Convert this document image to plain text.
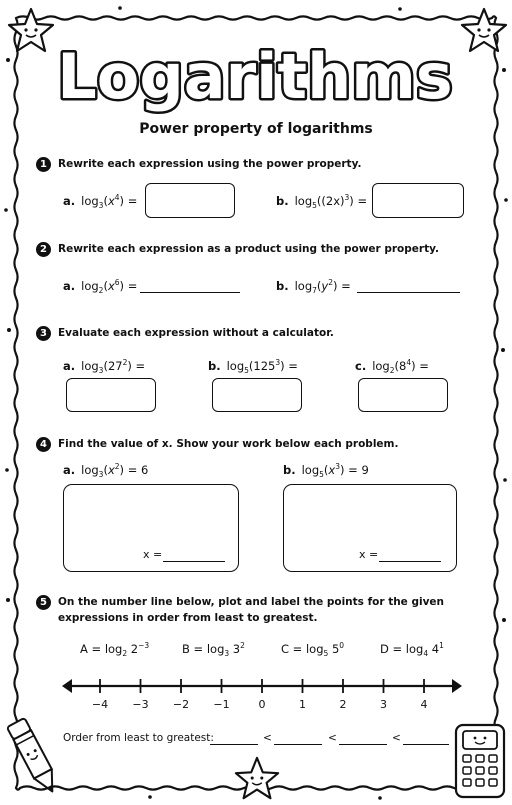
Logarithms
Power property of logarithms
1	Rewrite each expression using the power property.
a. $\log_3(x^4)$ =	b. $\log_5((2x)^3)$ =
2	Rewrite each expression as a product using the power property.
a. $\log_2(x^6)$ =	b. $\log_7(y^2)$ =
3	Evaluate each expression without a calculator.
a. $\log_3(27^2)$ =	b. $\log_5(125^3)$ =	c. $\log_2(8^4)$ =
4	Find the value of x. Show your work below each problem.
a. $\log_3(x^2) = 6$
x =
b. $\log_5(x^3) = 9$
x =
5	On the number line below, plot and label the points for the given expressions in order from least to greatest.
$A = \log_2 2^{-3}$	$B = \log_3 3^2$	$C = \log_5 5^0$	$D = \log_4 4^1$
−4	−3	−2	−1	0	1	2	3	4
Order from least to greatest:	<	<	<
